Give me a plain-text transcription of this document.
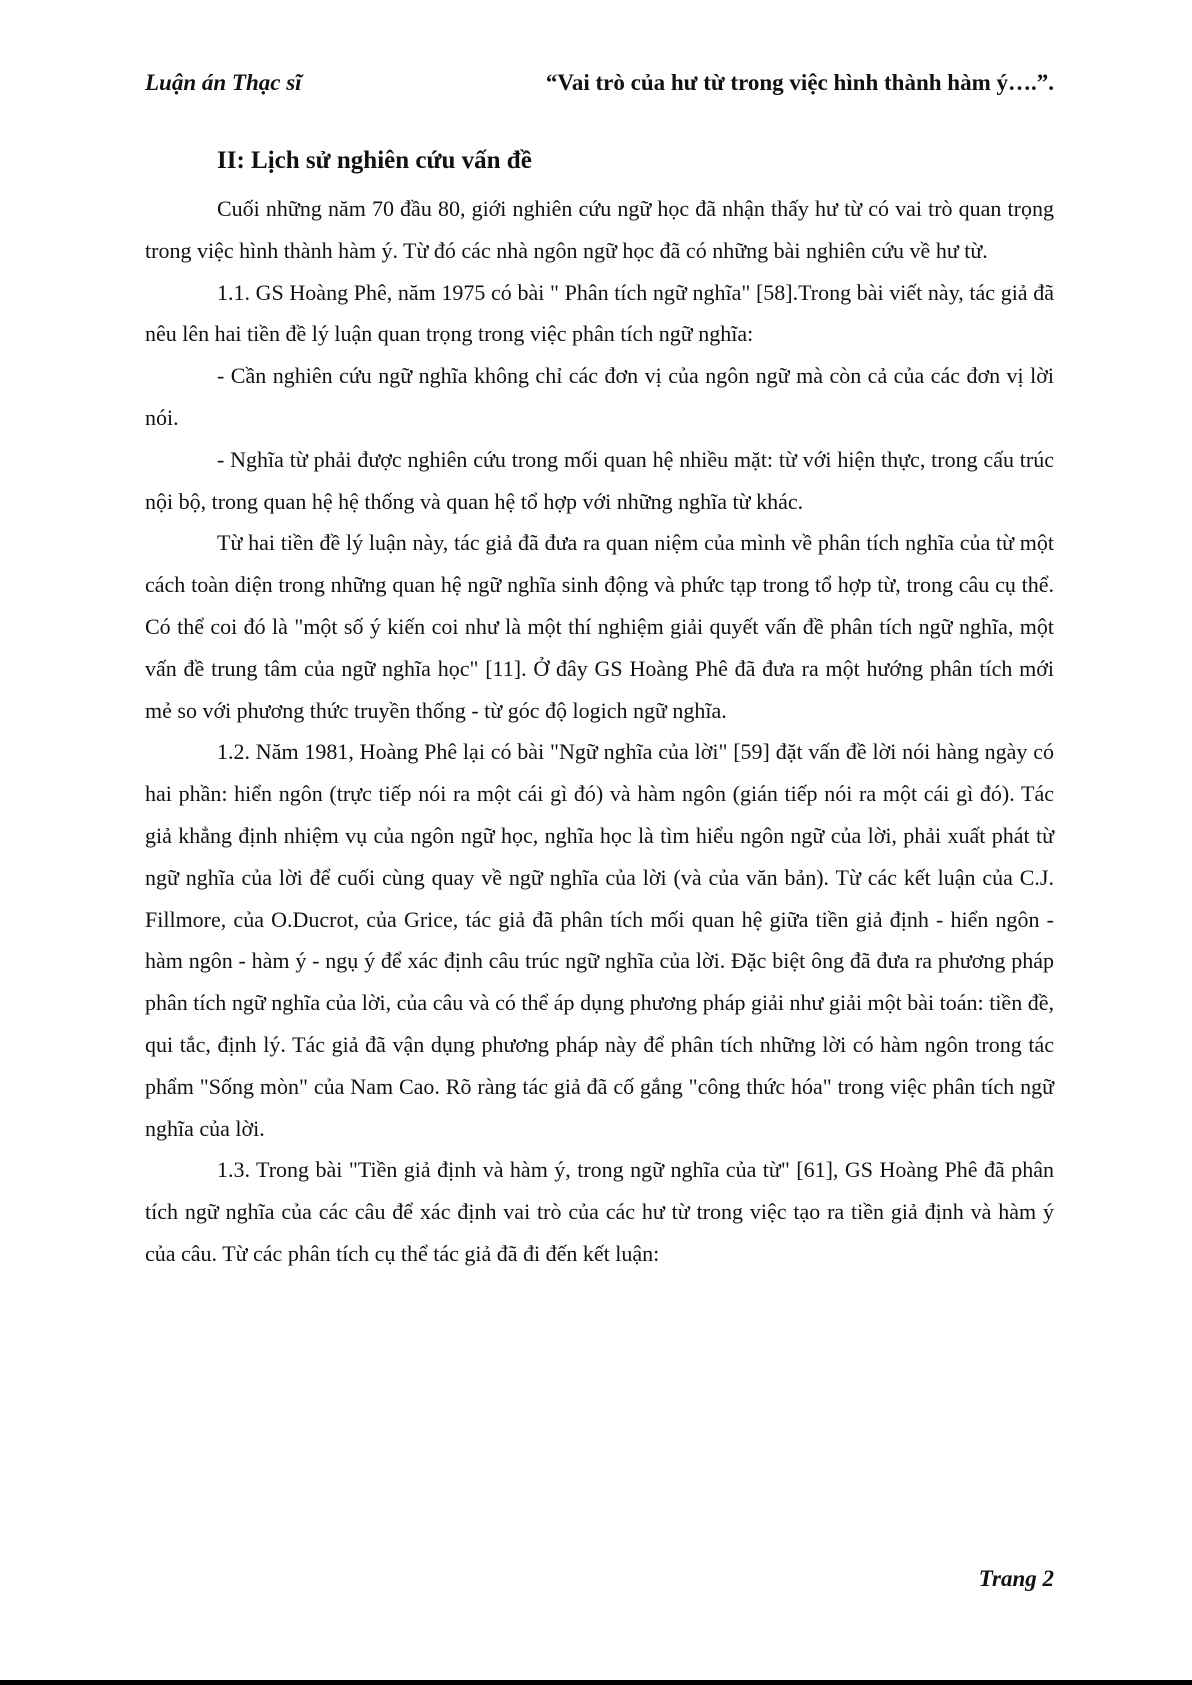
Luận án Thạc sĩ	“Vai trò của hư từ trong việc hình thành hàm ý….”.
II: Lịch sử nghiên cứu vấn đề

Cuối những năm 70 đầu 80, giới nghiên cứu ngữ học đã nhận thấy hư từ có vai trò quan trọng trong việc hình thành hàm ý. Từ đó các nhà ngôn ngữ học đã có những bài nghiên cứu về hư từ.

1.1. GS Hoàng Phê, năm 1975 có bài " Phân tích ngữ nghĩa" [58].Trong bài viết này, tác giả đã nêu lên hai tiền đề lý luận quan trọng trong việc phân tích ngữ nghĩa:

- Cần nghiên cứu ngữ nghĩa không chỉ các đơn vị của ngôn ngữ mà còn cả của các đơn vị lời nói.

- Nghĩa từ phải được nghiên cứu trong mối quan hệ nhiều mặt: từ với hiện thực, trong cấu trúc nội bộ, trong quan hệ hệ thống và quan hệ tổ hợp với những nghĩa từ khác.

Từ hai tiền đề lý luận này, tác giả đã đưa ra quan niệm của mình về phân tích nghĩa của từ một cách toàn diện trong những quan hệ ngữ nghĩa sinh động và phức tạp trong tổ hợp từ, trong câu cụ thể. Có thể coi đó là "một số ý kiến coi như là một thí nghiệm giải quyết vấn đề phân tích ngữ nghĩa, một vấn đề trung tâm của ngữ nghĩa học" [11]. Ở đây GS Hoàng Phê đã đưa ra một hướng phân tích mới mẻ so với phương thức truyền thống - từ góc độ logich ngữ nghĩa.

1.2. Năm 1981, Hoàng Phê lại có bài "Ngữ nghĩa của lời" [59] đặt vấn đề lời nói hàng ngày có hai phần: hiển ngôn (trực tiếp nói ra một cái gì đó) và hàm ngôn (gián tiếp nói ra một cái gì đó). Tác giả khẳng định nhiệm vụ của ngôn ngữ học, nghĩa học là tìm hiểu ngôn ngữ của lời, phải xuất phát từ ngữ nghĩa của lời để cuối cùng quay về ngữ nghĩa của lời (và của văn bản). Từ các kết luận của C.J. Fillmore, của O.Ducrot, của Grice, tác giả đã phân tích mối quan hệ giữa tiền giả định - hiển ngôn - hàm ngôn - hàm ý - ngụ ý để xác định câu trúc ngữ nghĩa của lời. Đặc biệt ông đã đưa ra phương pháp phân tích ngữ nghĩa của lời, của câu và có thể áp dụng phương pháp giải như giải một bài toán: tiền đề, qui tắc, định lý. Tác giả đã vận dụng phương pháp này để phân tích những lời có hàm ngôn trong tác phẩm "Sống mòn" của Nam Cao. Rõ ràng tác giả đã cố gắng "công thức hóa" trong việc phân tích ngữ nghĩa của lời.

1.3. Trong bài "Tiền giả định và hàm ý, trong ngữ nghĩa của từ" [61], GS Hoàng Phê đã phân tích ngữ nghĩa của các câu để xác định vai trò của các hư từ trong việc tạo ra tiền giả định và hàm ý của câu. Từ các phân tích cụ thể tác giả đã đi đến kết luận:

Trang 2
